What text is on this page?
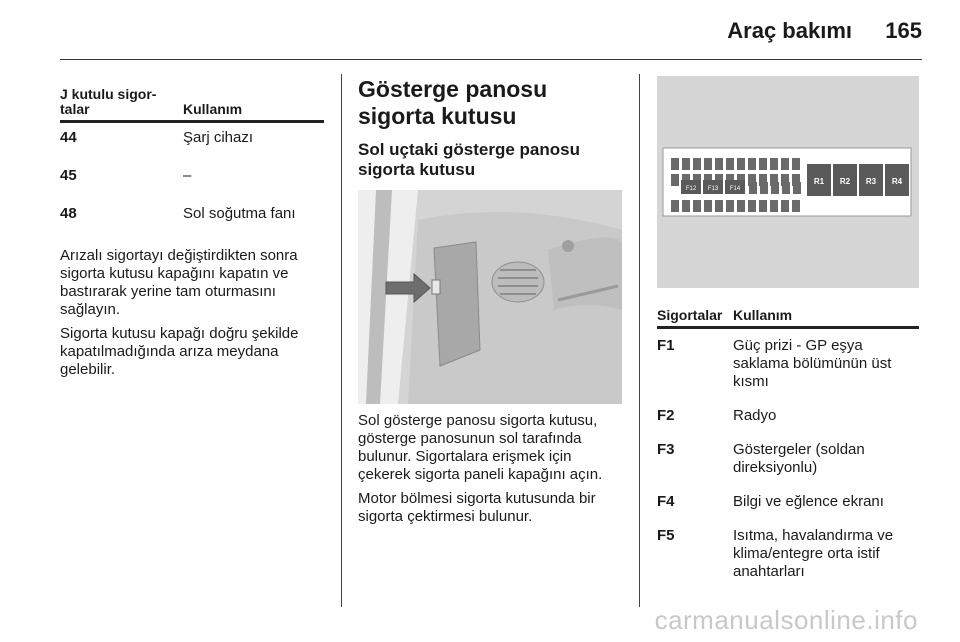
Araç bakımı 165
J kutulu sigor-
talar	Kullanım
44	Şarj cihazı
45	–
48	Sol soğutma fanı

Arızalı sigortayı değiştirdikten sonra sigorta kutusu kapağını kapatın ve bastırarak yerine tam oturmasını sağlayın.

Sigorta kutusu kapağı doğru şekilde kapatılmadığında arıza meydana gelebilir.

Gösterge panosu sigorta kutusu
Sol uçtaki gösterge panosu sigorta kutusu

Sol gösterge panosu sigorta kutusu, gösterge panosunun sol tarafında bulunur. Sigortalara erişmek için çekerek sigorta paneli kapağını açın.

Motor bölmesi sigorta kutusunda bir sigorta çektirmesi bulunur.

R1 R2 R3 R4
F12 F13 F14
Sigortalar Kullanım
F1	Güç prizi - GP eşya saklama bölümünün üst kısmı
F2	Radyo
F3	Göstergeler (soldan direksiyonlu)
F4	Bilgi ve eğlence ekranı
F5	Isıtma, havalandırma ve klima/entegre orta istif anahtarları
carmanualsonline.info
